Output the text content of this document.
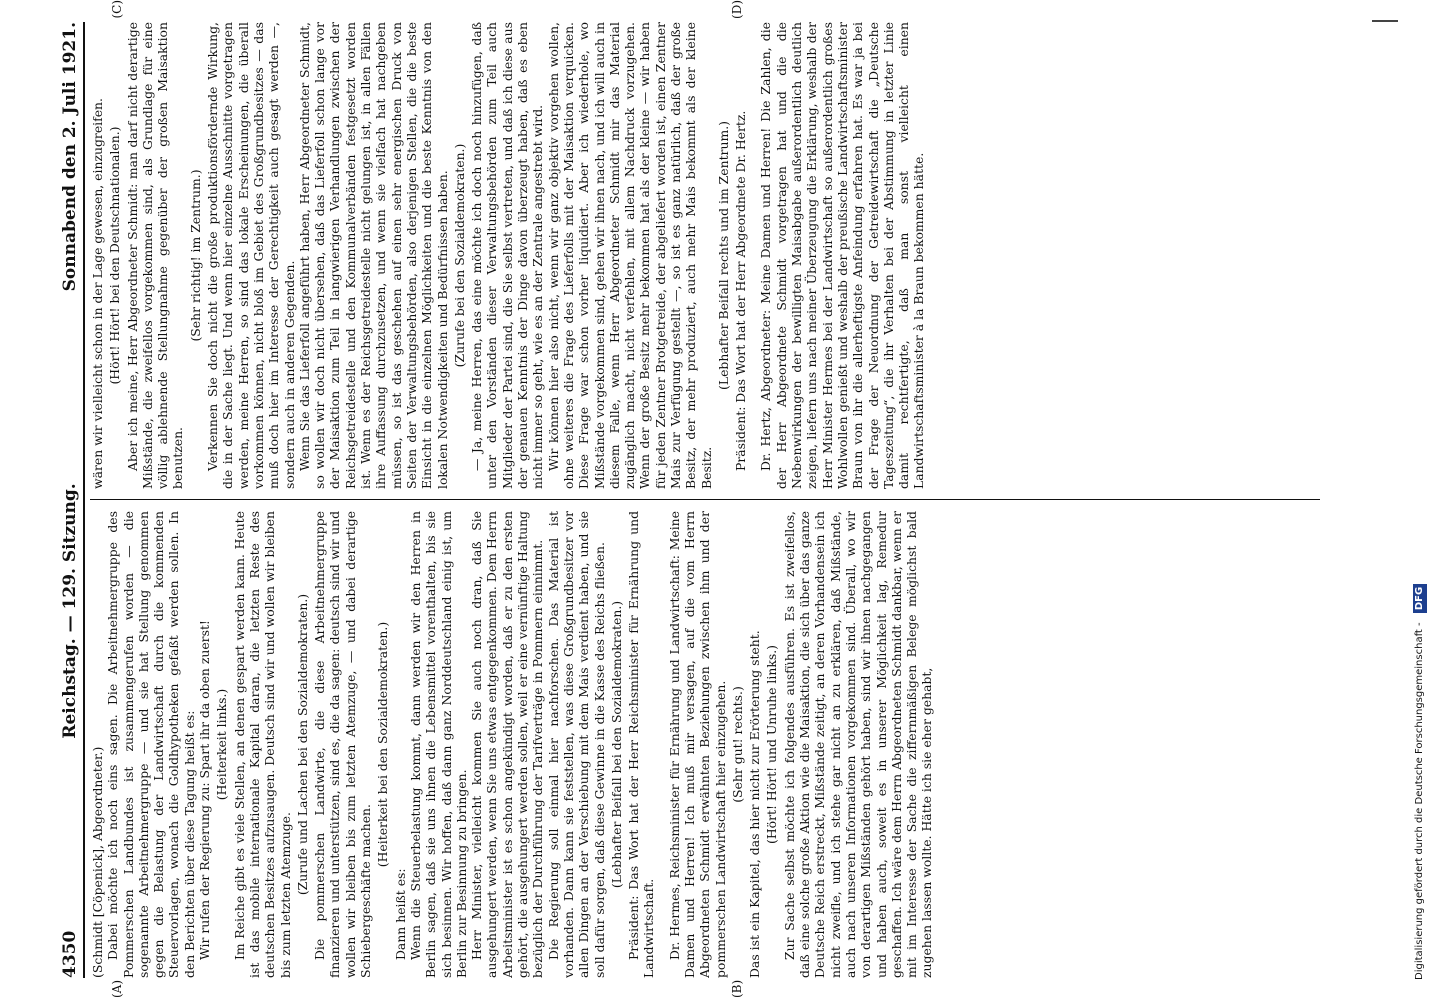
4350
Reichstag. — 129. Sitzung.
Sonnabend den 2. Juli 1921.
(A)	(B)
(C)	(D)

(Schmidt [Cöpenick], Abgeordneter.) Dabei möchte ich noch eins sagen. Die Arbeitnehmergruppe des Pommerschen Landbundes ist zusammengerufen worden — die sogenannte Arbeitnehmergruppe — und sie hat Stellung genommen gegen die Belastung der Landwirtschaft durch die kommenden Steuervorlagen, wonach die Goldhypotheken gefaßt werden sollen. In den Berichten über diese Tagung heißt es: Wir rufen der Regierung zu: Spart ihr da oben zuerst! (Heiterkeit links.) Im Reiche gibt es viele Stellen, an denen gespart werden kann. Heute ist das mobile internationale Kapital daran, die letzten Reste des deutschen Besitzes aufzusaugen. Deutsch sind wir und wollen wir bleiben bis zum letzten Atemzuge. (Zurufe und Lachen bei den Sozialdemokraten.) Die pommerschen Landwirte, die diese Arbeitnehmergruppe finanzieren und unterstützen, sind es, die da sagen: deutsch sind wir und wollen wir bleiben bis zum letzten Atemzuge, — und dabei derartige Schiebergeschäfte machen.

(Heiterkeit bei den Sozialdemokraten.)

Dann heißt es: Wenn die Steuerbelastung kommt, dann werden wir den Herren in Berlin sagen, daß sie uns ihnen die Lebensmittel vorenthalten, bis sie sich besinnen. Wir hoffen, daß dann ganz Norddeutschland einig ist, um Berlin zur Besinnung zu bringen. Herr Minister, vielleicht kommen Sie auch noch dran, daß Sie ausgehungert werden, wenn Sie uns etwas entgegenkommen. Dem Herrn Arbeitsminister ist es schon angekündigt worden, daß er zu den ersten gehört, die ausgehungert werden sollen, weil er eine vernünftige Haltung bezüglich der Durchführung der Tarifverträge in Pommern einnimmt. Die Regierung soll einmal hier nachforschen. Das Material ist vorhanden. Dann kann sie feststellen, was diese Großgrundbesitzer vor allen Dingen an der Verschiebung mit dem Mais verdient haben, und sie soll dafür sorgen, daß diese Gewinne in die Kasse des Reichs fließen. (Lebhafter Beifall bei den Sozialdemokraten.) Präsident: Das Wort hat der Herr Reichsminister für Ernährung und Landwirtschaft. Dr. Hermes, Reichsminister für Ernährung und Landwirtschaft: Meine Damen und Herren! Ich muß mir versagen, auf die vom Herrn Abgeordneten Schmidt erwähnten Beziehungen zwischen ihm und der pommerschen Landwirtschaft hier einzugehen. (Sehr gut! rechts.) Das ist ein Kapitel, das hier nicht zur Erörterung steht. (Hört! Hört! und Unruhe links.) Zur Sache selbst möchte ich folgendes ausführen. Es ist zweifellos, daß eine solche große Aktion wie die Maisaktion, die sich über das ganze Deutsche Reich erstreckt, Mißstände zeitigt, an deren Vorhandensein ich nicht zweifle, und ich stehe gar nicht an zu erklären, daß Mißstände, auch nach unseren Informationen vorgekommen sind. Überall, wo wir von derartigen Mißständen gehört haben, sind wir ihnen nachgegangen und haben auch, soweit es in unserer Möglichkeit lag, Remedur geschaffen. Ich wäre dem Herrn Abgeordneten Schmidt dankbar, wenn er mit im Interesse der Sache die ziffernmäßigen Belege möglichst bald zugehen lassen wollte. Hätte ich sie eher gehabt,

wären wir vielleicht schon in der Lage gewesen, einzugreifen. (Hört! Hört! bei den Deutschnationalen.) Aber ich meine, Herr Abgeordneter Schmidt: man darf nicht derartige Mißstände, die zweifellos vorgekommen sind, als Grundlage für eine völlig ablehnende Stellungnahme gegenüber der großen Maisaktion benutzen.

(Sehr richtig! im Zentrum.) Verkennen Sie doch nicht die große produktionsfördernde Wirkung, die in der Sache liegt. Und wenn hier einzelne Ausschnitte vorgetragen werden, meine Herren, so sind das lokale Erscheinungen, die überall vorkommen können, nicht bloß im Gebiet des Großgrundbesitzes — das muß doch hier im Interesse der Gerechtigkeit auch gesagt werden —, sondern auch in anderen Gegenden. Wenn Sie das Lieferfoll angeführt haben, Herr Abgeordneter Schmidt, so wollen wir doch nicht übersehen, daß das Lieferfoll schon lange vor der Maisaktion zum Teil in langwierigen Verhandlungen zwischen der Reichsgetreidestelle und den Kommunalverbänden festgesetzt worden ist. Wenn es der Reichsgetreidestelle nicht gelungen ist, in allen Fällen ihre Auffassung durchzusetzen, und wenn sie vielfach hat nachgeben müssen, so ist das geschehen auf einen sehr energischen Druck von Seiten der Verwaltungsbehörden, also derjenigen Stellen, die die beste Einsicht in die einzelnen Möglichkeiten und die beste Kenntnis von den lokalen Notwendigkeiten und Bedürfnissen haben. (Zurufe bei den Sozialdemokraten.) — Ja, meine Herren, das eine möchte ich doch noch hinzufügen, daß unter den Vorständen dieser Verwaltungsbehörden zum Teil auch Mitglieder der Partei sind, die Sie selbst vertreten, und daß ich diese aus der genauen Kenntnis der Dinge davon überzeugt haben, daß es eben nicht immer so geht, wie es an der Zentrale angestrebt wird. Wir können hier also nicht, wenn wir ganz objektiv vorgehen wollen, ohne weiteres die Frage des Lieferfolls mit der Maisaktion verquicken. Diese Frage war schon vorher liquidiert. Aber ich wiederhole, wo Mißstände vorgekommen sind, gehen wir ihnen nach, und ich will auch in diesem Falle, wenn Herr Abgeordneter Schmidt mir das Material zugänglich macht, nicht verfehlen, mit allem Nachdruck vorzugehen. Wenn der große Besitz mehr bekommen hat als der kleine — wir haben für jeden Zentner Brotgetreide, der abgeliefert worden ist, einen Zentner Mais zur Verfügung gestellt —, so ist es ganz natürlich, daß der große Besitz, der mehr produziert, auch mehr Mais bekommt als der kleine Besitz.

(Lebhafter Beifall rechts und im Zentrum.) Präsident: Das Wort hat der Herr Abgeordnete Dr. Hertz. Dr. Hertz, Abgeordneter: Meine Damen und Herren! Die Zahlen, die der Herr Abgeordnete Schmidt vorgetragen hat und die die Nebenwirkungen der bewilligten Maisabgabe außerordentlich deutlich zeigen, liefern uns nach meiner Überzeugung die Erklärung, weshalb der Herr Minister Hermes bei der Landwirtschaft so außerordentlich großes Wohlwollen genießt und weshalb der preußische Landwirtschaftsminister Braun von ihr die allerheftigste Anfeindung erfahren hat. Es war ja bei der Frage der Neuordnung der Getreidewirtschaft die „Deutsche Tageszeitung“, die ihr Verhalten bei der Abstimmung in letzter Linie damit rechtfertigte, daß man sonst vielleicht einen Landwirtschaftsminister à la Braun bekommen hätte.

Digitalisierung gefördert durch die Deutsche Forschungsgemeinschaft - DFG
